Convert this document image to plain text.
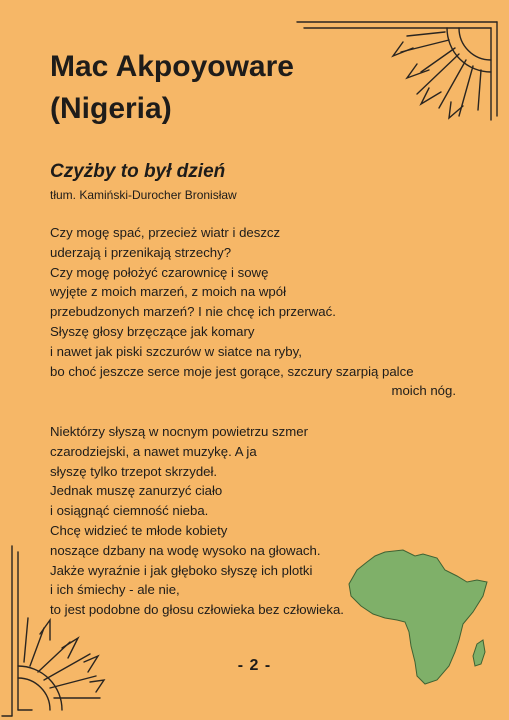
Mac Akpoyoware
(Nigeria)
Czyżby to był dzień

tłum. Kamiński-Durocher Bronisław

Czy mogę spać, przecież wiatr i deszcz
uderzają i przenikają strzechy?
Czy mogę położyć czarownicę i sowę
wyjęte z moich marzeń, z moich na wpół
przebudzonych marzeń? I nie chcę ich przerwać.
Słyszę głosy brzęczące jak komary
i nawet jak piski szczurów w siatce na ryby,
bo choć jeszcze serce moje jest gorące, szczury szarpią palce
moich nóg.
Niektórzy słyszą w nocnym powietrzu szmer
czarodziejski, a nawet muzykę. A ja
słyszę tylko trzepot skrzydeł.
Jednak muszę zanurzyć ciało
i osiągnąć ciemność nieba.
Chcę widzieć te młode kobiety
noszące dzbany na wodę wysoko na głowach.
Jakże wyraźnie i jak głęboko słyszę ich plotki
i ich śmiechy - ale nie,
to jest podobne do głosu człowieka bez człowieka.

- 2 -
